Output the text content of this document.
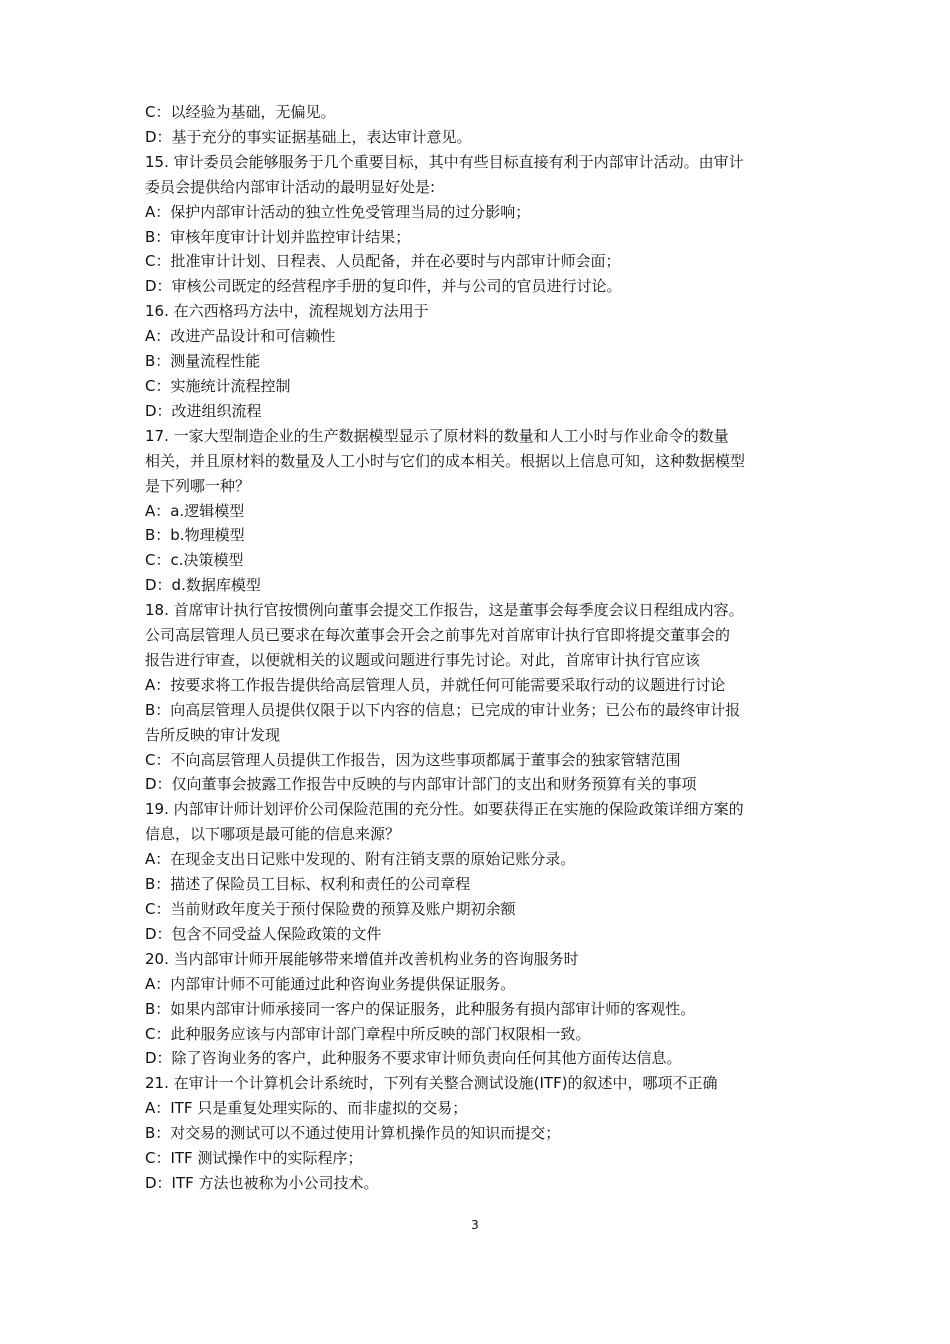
C：以经验为基础，无偏见。
D：基于充分的事实证据基础上，表达审计意见。
15. 审计委员会能够服务于几个重要目标，其中有些目标直接有利于内部审计活动。由审计
委员会提供给内部审计活动的最明显好处是:
A：保护内部审计活动的独立性免受管理当局的过分影响；
B：审核年度审计计划并监控审计结果；
C：批准审计计划、日程表、人员配备，并在必要时与内部审计师会面；
D：审核公司既定的经营程序手册的复印件，并与公司的官员进行讨论。
16. 在六西格玛方法中，流程规划方法用于
A：改进产品设计和可信赖性
B：测量流程性能
C：实施统计流程控制
D：改进组织流程
17. 一家大型制造企业的生产数据模型显示了原材料的数量和人工小时与作业命令的数量
相关，并且原材料的数量及人工小时与它们的成本相关。根据以上信息可知，这种数据模型
是下列哪一种？
A：a.逻辑模型
B：b.物理模型
C：c.决策模型
D：d.数据库模型
18. 首席审计执行官按惯例向董事会提交工作报告，这是董事会每季度会议日程组成内容。
公司高层管理人员已要求在每次董事会开会之前事先对首席审计执行官即将提交董事会的
报告进行审查，以便就相关的议题或问题进行事先讨论。对此，首席审计执行官应该
A：按要求将工作报告提供给高层管理人员，并就任何可能需要采取行动的议题进行讨论
B：向高层管理人员提供仅限于以下内容的信息；已完成的审计业务；已公布的最终审计报
告所反映的审计发现
C：不向高层管理人员提供工作报告，因为这些事项都属于董事会的独家管辖范围
D：仅向董事会披露工作报告中反映的与内部审计部门的支出和财务预算有关的事项
19. 内部审计师计划评价公司保险范围的充分性。如要获得正在实施的保险政策详细方案的
信息，以下哪项是最可能的信息来源？
A：在现金支出日记账中发现的、附有注销支票的原始记账分录。
B：描述了保险员工目标、权利和责任的公司章程
C：当前财政年度关于预付保险费的预算及账户期初余额
D：包含不同受益人保险政策的文件
20. 当内部审计师开展能够带来增值并改善机构业务的咨询服务时
A：内部审计师不可能通过此种咨询业务提供保证服务。
B：如果内部审计师承接同一客户的保证服务，此种服务有损内部审计师的客观性。
C：此种服务应该与内部审计部门章程中所反映的部门权限相一致。
D：除了咨询业务的客户，此种服务不要求审计师负责向任何其他方面传达信息。
21. 在审计一个计算机会计系统时，下列有关整合测试设施(ITF)的叙述中，哪项不正确
A：ITF 只是重复处理实际的、而非虚拟的交易；
B：对交易的测试可以不通过使用计算机操作员的知识而提交；
C：ITF 测试操作中的实际程序；
D：ITF 方法也被称为小公司技术。
3
